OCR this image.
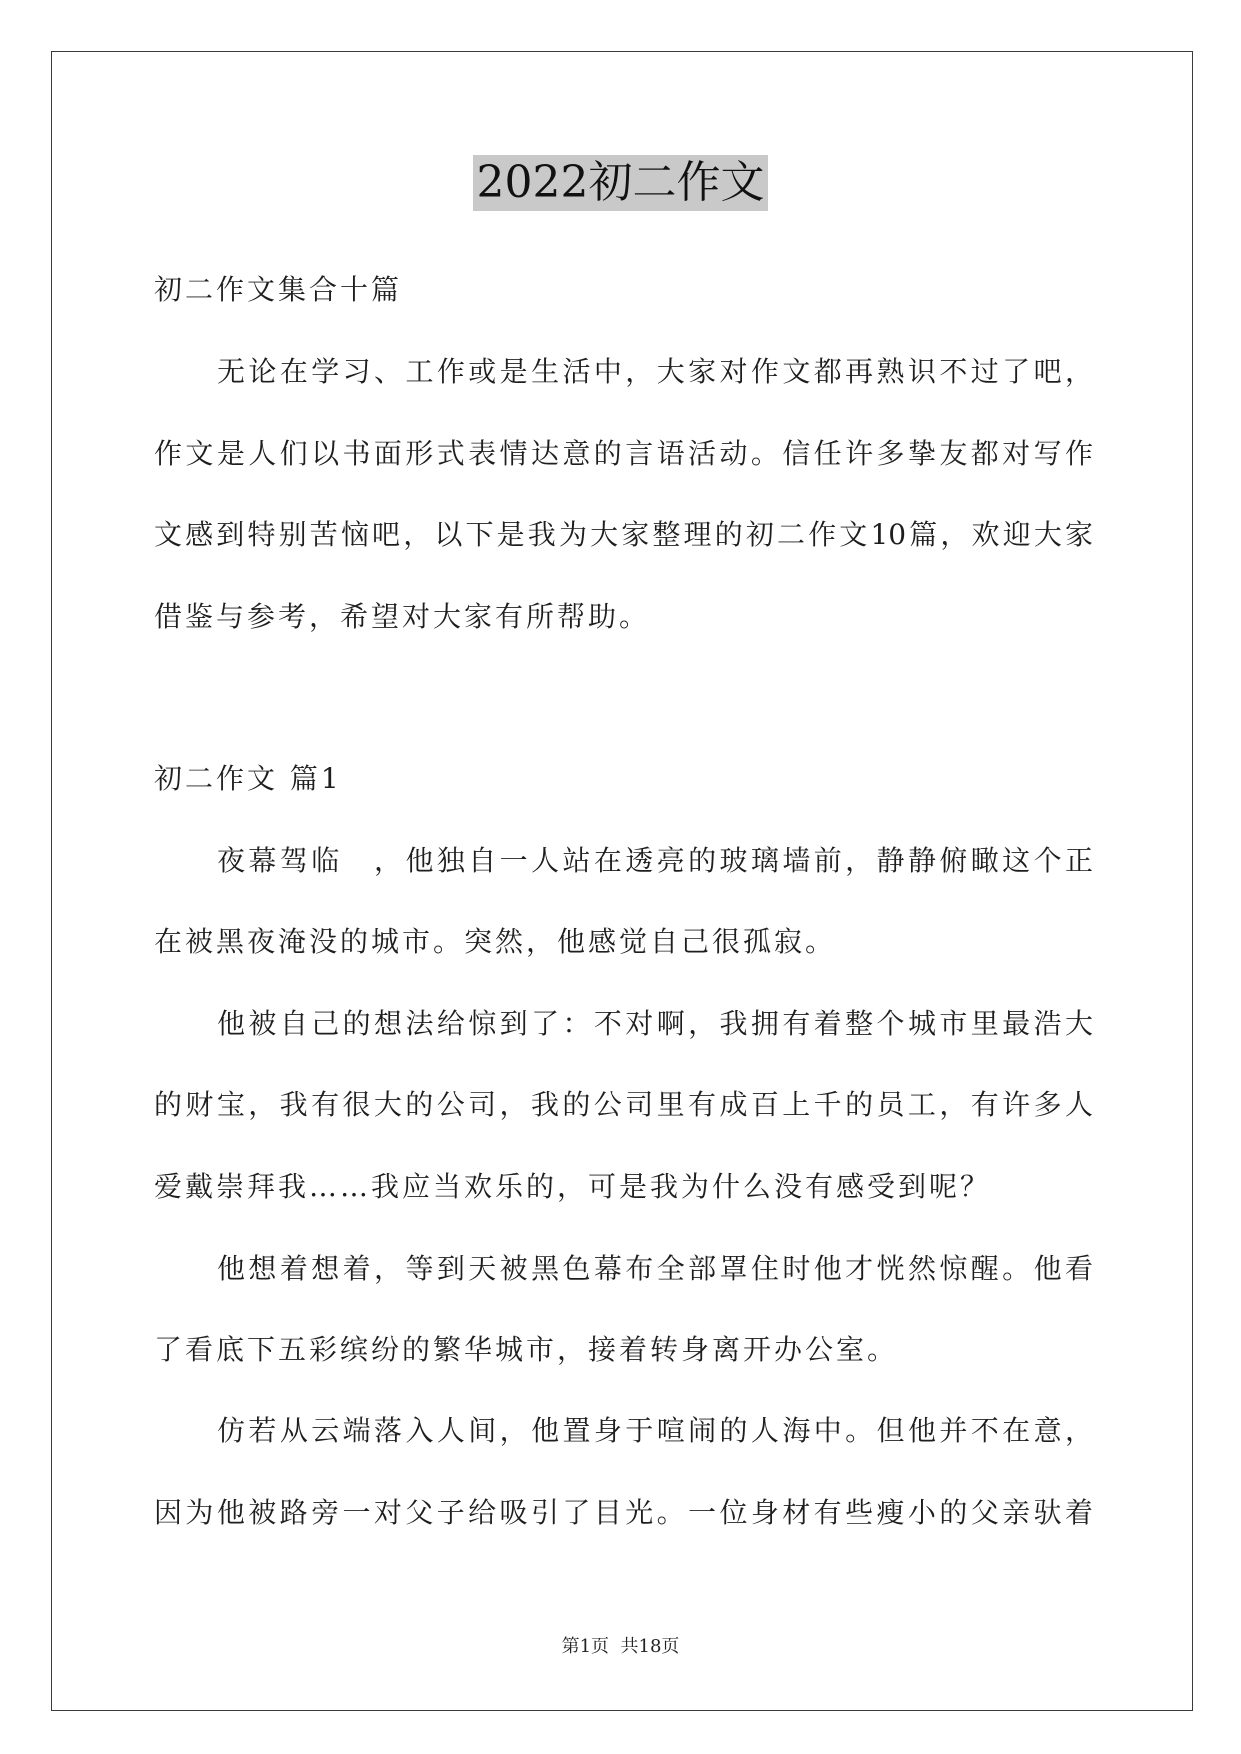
2022初二作文
初二作文集合十篇
无论在学习、工作或是生活中，大家对作文都再熟识不过了吧，
作文是人们以书面形式表情达意的言语活动。信任许多挚友都对写作
文感到特别苦恼吧，以下是我为大家整理的初二作文10篇，欢迎大家
借鉴与参考，希望对大家有所帮助。
初二作文 篇1
夜幕驾临　，他独自一人站在透亮的玻璃墙前，静静俯瞰这个正
在被黑夜淹没的城市。突然，他感觉自己很孤寂。
他被自己的想法给惊到了：不对啊，我拥有着整个城市里最浩大
的财宝，我有很大的公司，我的公司里有成百上千的员工，有许多人
爱戴崇拜我……我应当欢乐的，可是我为什么没有感受到呢？
他想着想着，等到天被黑色幕布全部罩住时他才恍然惊醒。他看
了看底下五彩缤纷的繁华城市，接着转身离开办公室。
仿若从云端落入人间，他置身于喧闹的人海中。但他并不在意，
因为他被路旁一对父子给吸引了目光。一位身材有些瘦小的父亲驮着
第1页  共18页
